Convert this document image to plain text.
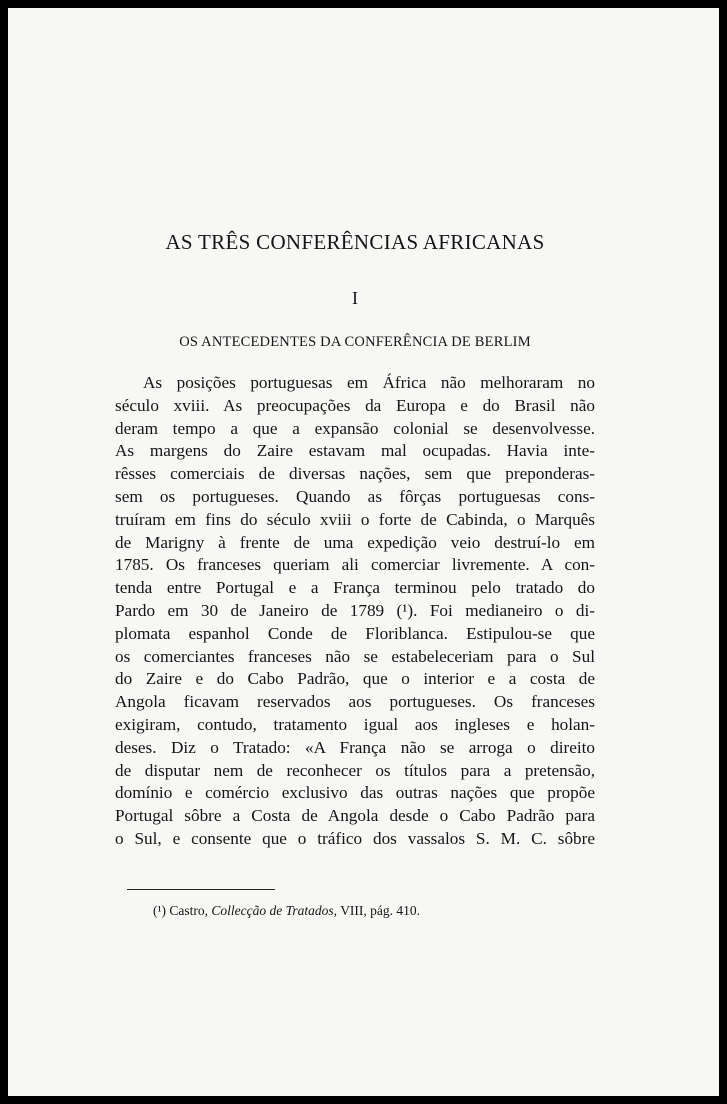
AS TRÊS CONFERÊNCIAS AFRICANAS
I
OS ANTECEDENTES DA CONFERÊNCIA DE BERLIM
As posições portuguesas em África não melhoraram no
século xviii. As preocupações da Europa e do Brasil não
deram tempo a que a expansão colonial se desenvolvesse.
As margens do Zaire estavam mal ocupadas. Havia inte-
rêsses comerciais de diversas nações, sem que preponderas-
sem os portugueses. Quando as fôrças portuguesas cons-
truíram em fins do século xviii o forte de Cabinda, o Marquês
de Marigny à frente de uma expedição veio destruí-lo em
1785. Os franceses queriam ali comerciar livremente. A con-
tenda entre Portugal e a França terminou pelo tratado do
Pardo em 30 de Janeiro de 1789 (¹). Foi medianeiro o di-
plomata espanhol Conde de Floriblanca. Estipulou-se que
os comerciantes franceses não se estabeleceriam para o Sul
do Zaire e do Cabo Padrão, que o interior e a costa de
Angola ficavam reservados aos portugueses. Os franceses
exigiram, contudo, tratamento igual aos ingleses e holan-
deses. Diz o Tratado: «A França não se arroga o direito
de disputar nem de reconhecer os títulos para a pretensão,
domínio e comércio exclusivo das outras nações que propõe
Portugal sôbre a Costa de Angola desde o Cabo Padrão para
o Sul, e consente que o tráfico dos vassalos S. M. C. sôbre
(¹) Castro, Collecção de Tratados, VIII, pág. 410.
